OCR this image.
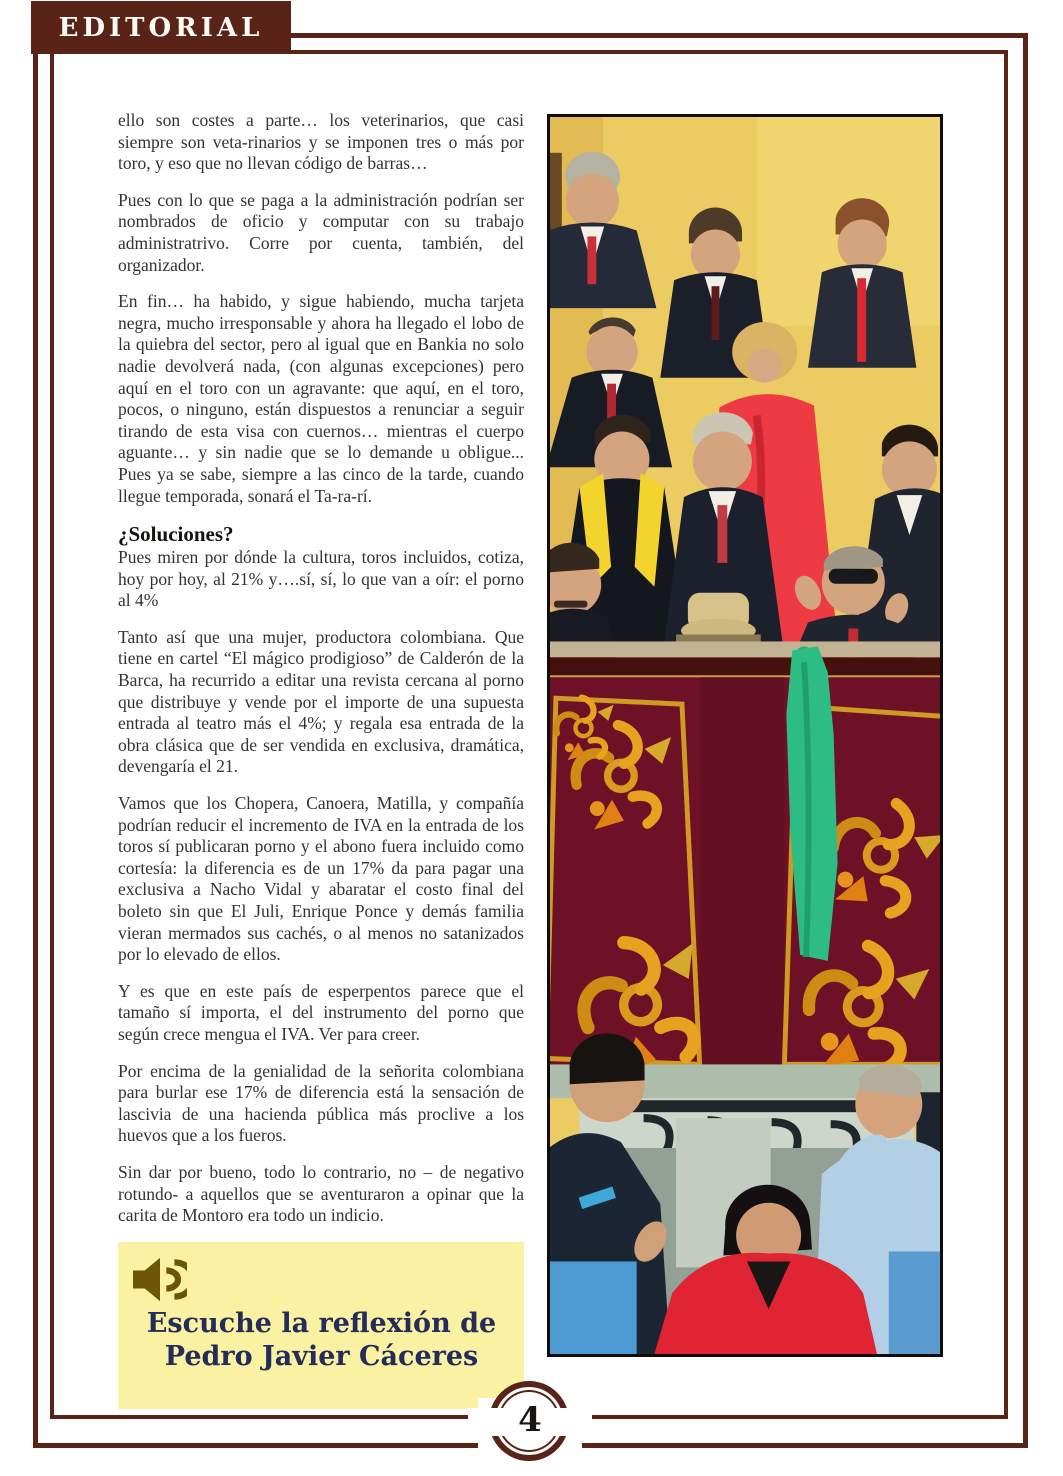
EDITORIAL

ello son costes a parte… los veterinarios, que casi siempre son veta-rinarios y se imponen tres o más por toro, y eso que no llevan código de barras…

Pues con lo que se paga a la administración podrían ser nombrados de oficio y computar con su trabajo administratrivo. Corre por cuenta, también, del organizador.

En fin… ha habido, y sigue habiendo, mucha tarjeta negra, mucho irresponsable y ahora ha llegado el lobo de la quiebra del sector, pero al igual que en Bankia no solo nadie devolverá nada, (con algunas excepciones) pero aquí en el toro con un agravante: que aquí, en el toro, pocos, o ninguno, están dispuestos a renunciar a seguir tirando de esta visa con cuernos… mientras el cuerpo aguante… y sin nadie que se lo demande u obligue... Pues ya se sabe, siempre a las cinco de la tarde, cuando llegue temporada, sonará el Ta-ra-rí.

¿Soluciones?

Pues miren por dónde la cultura, toros incluidos, cotiza, hoy por hoy, al 21% y….sí, sí, lo que van a oír: el porno al 4%

Tanto así que una mujer, productora colombiana. Que tiene en cartel “El mágico prodigioso” de Calderón de la Barca, ha recurrido a editar una revista cercana al porno que distribuye y vende por el importe de una supuesta entrada al teatro más el 4%; y regala esa entrada de la obra clásica que de ser vendida en exclusiva, dramática, devengaría el 21.

Vamos que los Chopera, Canoera, Matilla, y compañía podrían reducir el incremento de IVA en la entrada de los toros sí publicaran porno y el abono fuera incluido como cortesía: la diferencia es de un 17% da para pagar una exclusiva a Nacho Vidal y abaratar el costo final del boleto sin que El Juli, Enrique Ponce y demás familia vieran mermados sus cachés, o al menos no satanizados por lo elevado de ellos.

Y es que en este país de esperpentos parece que el tamaño sí importa, el del instrumento del porno que según crece mengua el IVA. Ver para creer.

Por encima de la genialidad de la señorita colombiana para burlar ese 17% de diferencia está la sensación de lascivia de una hacienda pública más proclive a los huevos que a los fueros.

Sin dar por bueno, todo lo contrario, no – de negativo rotundo- a aquellos que se aventuraron a opinar que la carita de Montoro era todo un indicio.

Escuche la reflexión de
Pedro Javier Cáceres
4
